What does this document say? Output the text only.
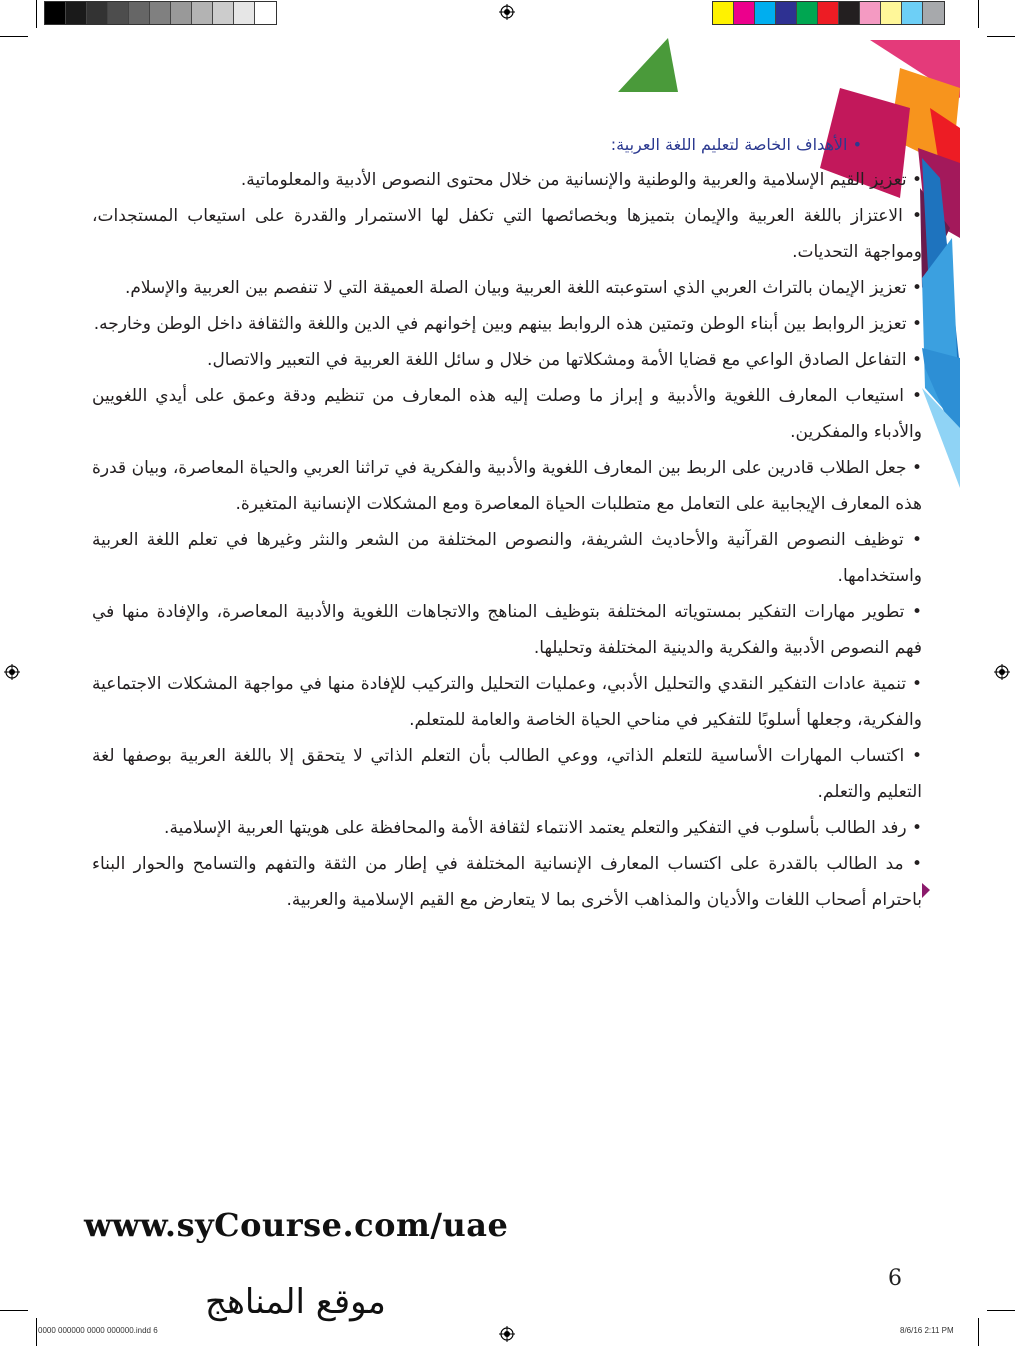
• الأهداف الخاصة لتعليم اللغة العربية:

• تعزيز القيم الإسلامية والعربية والوطنية والإنسانية من خلال محتوى النصوص الأدبية والمعلوماتية.

• الاعتزاز باللغة العربية والإيمان بتميزها وبخصائصها التي تكفل لها الاستمرار والقدرة على استيعاب المستجدات، ومواجهة التحديات.

• تعزيز الإيمان بالتراث العربي الذي استوعبته اللغة العربية وبيان الصلة العميقة التي لا تنفصم بين العربية والإسلام.

• تعزيز الروابط بين أبناء الوطن وتمتين هذه الروابط بينهم وبين إخوانهم في الدين واللغة والثقافة داخل الوطن وخارجه.

• التفاعل الصادق الواعي مع قضايا الأمة ومشكلاتها من خلال و سائل اللغة العربية في التعبير والاتصال.

• استيعاب المعارف اللغوية والأدبية و إبراز ما وصلت إليه هذه المعارف من تنظيم ودقة وعمق على أيدي اللغويين والأدباء والمفكرين.

• جعل الطلاب قادرين على الربط بين المعارف اللغوية والأدبية والفكرية في تراثنا العربي والحياة المعاصرة، وبيان قدرة هذه المعارف الإيجابية على التعامل مع متطلبات الحياة المعاصرة ومع المشكلات الإنسانية المتغيرة.

• توظيف النصوص القرآنية والأحاديث الشريفة، والنصوص المختلفة من الشعر والنثر وغيرها في تعلم اللغة العربية واستخدامها.

• تطوير مهارات التفكير بمستوياته المختلفة بتوظيف المناهج والاتجاهات اللغوية والأدبية المعاصرة، والإفادة منها في فهم النصوص الأدبية والفكرية والدينية المختلفة وتحليلها.

• تنمية عادات التفكير النقدي والتحليل الأدبي، وعمليات التحليل والتركيب للإفادة منها في مواجهة المشكلات الاجتماعية والفكرية، وجعلها أسلوبًا للتفكير في مناحي الحياة الخاصة والعامة للمتعلم.

• اكتساب المهارات الأساسية للتعلم الذاتي، ووعي الطالب بأن التعلم الذاتي لا يتحقق إلا باللغة العربية بوصفها لغة التعليم والتعلم.

• رفد الطالب بأسلوب في التفكير والتعلم يعتمد الانتماء لثقافة الأمة والمحافظة على هويتها العربية الإسلامية.

• مد الطالب بالقدرة على اكتساب المعارف الإنسانية المختلفة في إطار من الثقة والتفهم والتسامح والحوار البناء باحترام أصحاب اللغات والأديان والمذاهب الأخرى بما لا يتعارض مع القيم الإسلامية والعربية.

www.syCourse.com/uae
6
موقع المناهج
0000 000000 0000 000000.indd 6	8/6/16 2:11 PM
